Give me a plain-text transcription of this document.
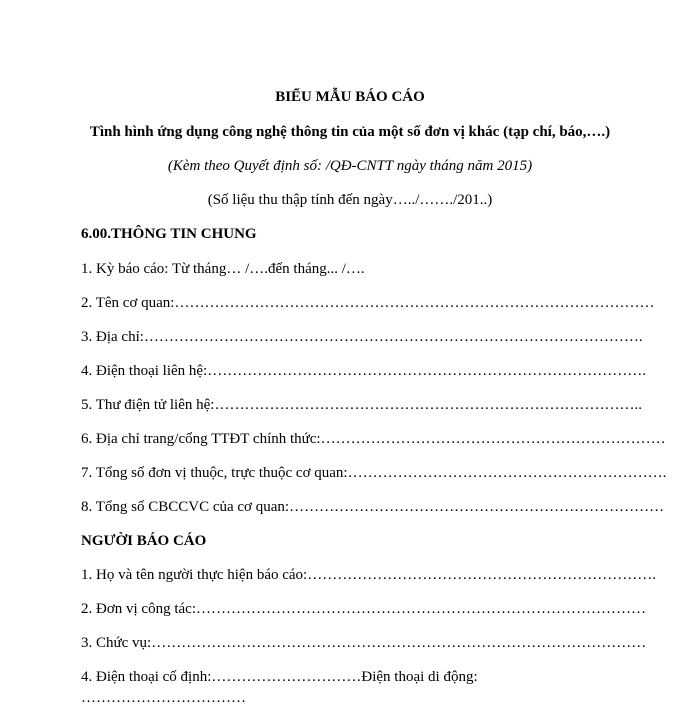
BIỂU MẪU BÁO CÁO
Tình hình ứng dụng công nghệ thông tin của một số đơn vị khác (tạp chí, báo,….)
(Kèm theo Quyết định số: /QĐ-CNTT ngày tháng năm 2015)
(Số liệu thu thập tính đến ngày…../……./201..)
6.00.THÔNG TIN CHUNG
1. Kỳ báo cáo: Từ tháng… /….đến tháng... /….
2. Tên cơ quan:……………………………………………………………………………………
3. Địa chỉ:……………………………………………………………………………………….
4. Điện thoại liên hệ:…………………………………………………………………………….
5. Thư điện tử liên hệ:…………………………………………………………………………..
6. Địa chỉ trang/cổng TTĐT chính thức:……………………………………………………………
7. Tổng số đơn vị thuộc, trực thuộc cơ quan:……………………………………………………….
8. Tổng số CBCCVC của cơ quan:…………………………………………………………………
NGƯỜI BÁO CÁO
1. Họ và tên người thực hiện báo cáo:…………………………………………………………….
2. Đơn vị công tác:………………………………………………………………………………
3. Chức vụ:………………………………………………………………………………………
4. Điện thoại cố định:…………………………Điện thoại di động:
……………………………
